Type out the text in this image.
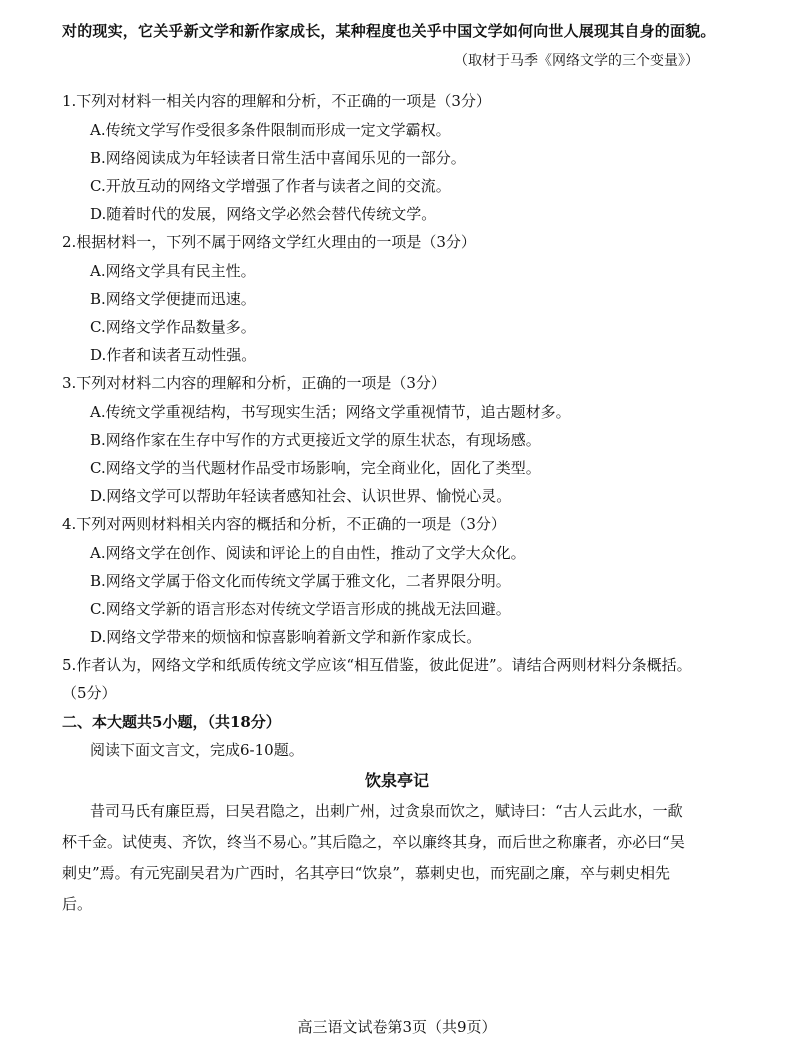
对的现实，它关乎新文学和新作家成长，某种程度也关乎中国文学如何向世人展现其自身的面貌。
（取材于马季《网络文学的三个变量》）
1.下列对材料一相关内容的理解和分析，不正确的一项是（3分）
A.传统文学写作受很多条件限制而形成一定文学霸权。
B.网络阅读成为年轻读者日常生活中喜闻乐见的一部分。
C.开放互动的网络文学增强了作者与读者之间的交流。
D.随着时代的发展，网络文学必然会替代传统文学。
2.根据材料一，下列不属于网络文学红火理由的一项是（3分）
A.网络文学具有民主性。
B.网络文学便捷而迅速。
C.网络文学作品数量多。
D.作者和读者互动性强。
3.下列对材料二内容的理解和分析，正确的一项是（3分）
A.传统文学重视结构，书写现实生活；网络文学重视情节，追古题材多。
B.网络作家在生存中写作的方式更接近文学的原生状态，有现场感。
C.网络文学的当代题材作品受市场影响，完全商业化，固化了类型。
D.网络文学可以帮助年轻读者感知社会、认识世界、愉悦心灵。
4.下列对两则材料相关内容的概括和分析，不正确的一项是（3分）
A.网络文学在创作、阅读和评论上的自由性，推动了文学大众化。
B.网络文学属于俗文化而传统文学属于雅文化，二者界限分明。
C.网络文学新的语言形态对传统文学语言形成的挑战无法回避。
D.网络文学带来的烦恼和惊喜影响着新文学和新作家成长。
5.作者认为，网络文学和纸质传统文学应该“相互借鉴，彼此促进”。请结合两则材料分条概括。
（5分）
二、本大题共5小题，（共18分）
阅读下面文言文，完成6-10题。
饮泉亭记
昔司马氏有廉臣焉，曰吴君隐之，出刺广州，过贪泉而饮之，赋诗曰：“古人云此水，一歃
杯千金。试使夷、齐饮，终当不易心。”其后隐之，卒以廉终其身，而后世之称廉者，亦必曰“吴
刺史”焉。有元宪副吴君为广西时，名其亭曰“饮泉”，慕刺史也，而宪副之廉，卒与刺史相先
后。
高三语文试卷第3页（共9页）
